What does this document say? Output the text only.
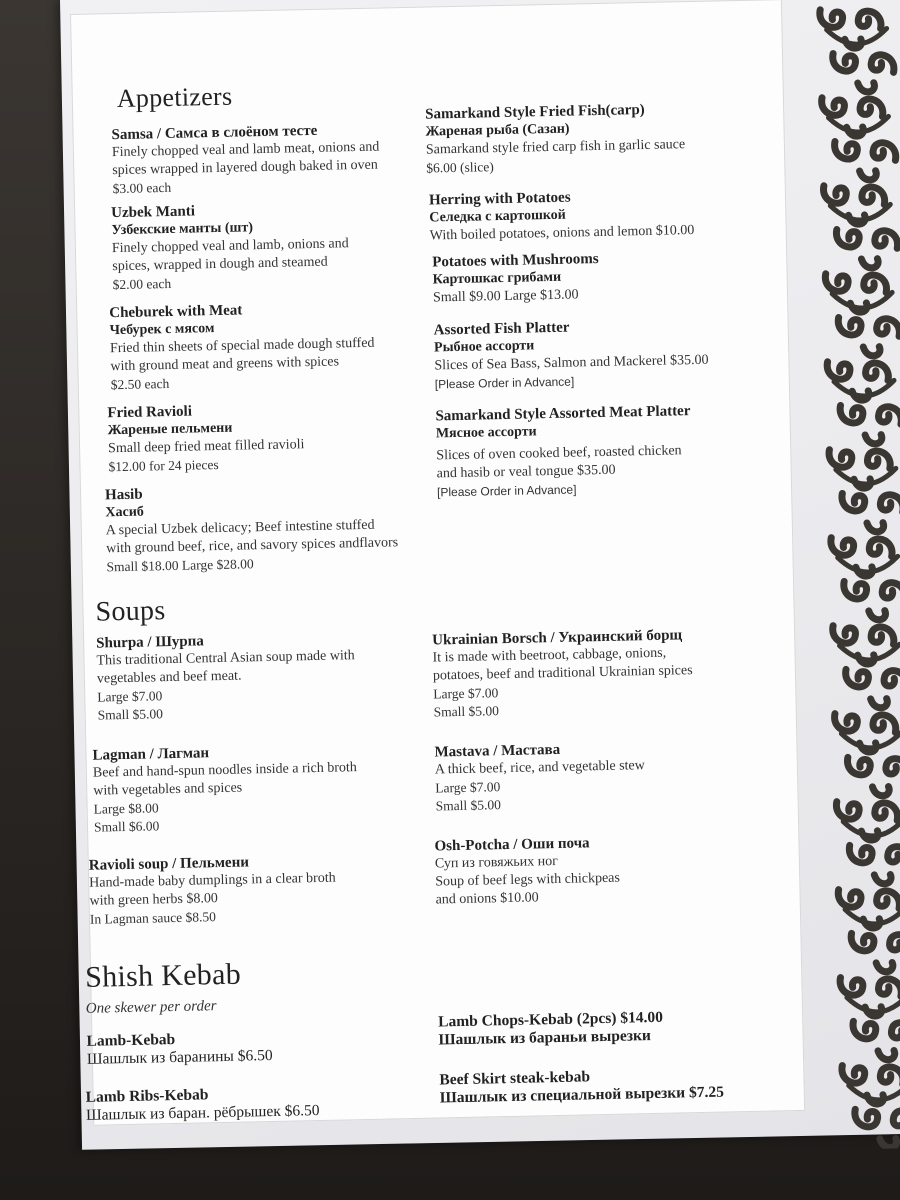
Appetizers
Samsa / Самса в слоёном тесте
Finely chopped veal and lamb meat, onions and
spices wrapped in layered dough baked in oven
$3.00 each
Uzbek Manti
Узбекские манты (шт)
Finely chopped veal and lamb, onions and
spices, wrapped in dough and steamed
$2.00 each
Cheburek with Meat
Чебурек с мясом
Fried thin sheets of special made dough stuffed
with ground meat and greens with spices
$2.50 each
Fried Ravioli
Жареные пельмени
Small deep fried meat filled ravioli
$12.00 for 24 pieces
Hasib
Хасиб
A special Uzbek delicacy; Beef intestine stuffed
with ground beef, rice, and savory spices andflavors
Small $18.00 Large $28.00
Samarkand Style Fried Fish(carp)
Жареная рыба (Сазан)
Samarkand style fried carp fish in garlic sauce
$6.00 (slice)
Herring with Potatoes
Селедка с картошкой
With boiled potatoes, onions and lemon $10.00
Potatoes with Mushrooms
Картошкас грибами
Small $9.00 Large $13.00
Assorted Fish Platter
Рыбное ассорти
Slices of Sea Bass, Salmon and Mackerel $35.00
[Please Order in Advance]
Samarkand Style Assorted Meat Platter
Мясное ассорти
Slices of oven cooked beef, roasted chicken
and hasib or veal tongue $35.00
[Please Order in Advance]
Soups
Shurpa / Шурпа
This traditional Central Asian soup made with
vegetables and beef meat.
Large $7.00
Small $5.00
Lagman / Лагман
Beef and hand-spun noodles inside a rich broth
with vegetables and spices
Large $8.00
Small $6.00
Ravioli soup / Пельмени
Hand-made baby dumplings in a clear broth
with green herbs $8.00
In Lagman sauce $8.50
Ukrainian Borsch / Украинский борщ
It is made with beetroot, cabbage, onions,
potatoes, beef and traditional Ukrainian spices
Large $7.00
Small $5.00
Mastava / Мастава
A thick beef, rice, and vegetable stew
Large $7.00
Small $5.00
Osh-Potcha / Оши поча
Суп из говяжьих ног
Soup of beef legs with chickpeas
and onions $10.00
Shish Kebab
One skewer per order
Lamb-Kebab
Шашлык из баранины $6.50
Lamb Ribs-Kebab
Шашлык из баран. рёбрышек $6.50
Lamb Chops-Kebab (2pcs) $14.00
Шашлык из бараньи вырезки
Beef Skirt steak-kebab
Шашлык из специальной вырезки $7.25
